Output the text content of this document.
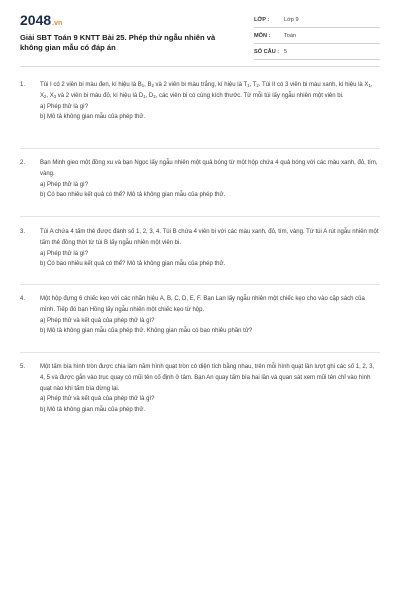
2048.vn
Giải SBT Toán 9 KNTT Bài 25. Phép thử ngẫu nhiên và không gian mẫu có đáp án
LỚP :	Lớp 9
MÔN :	Toán
SỐ CÂU : 5
1.	Túi I có 2 viên bi màu đen, kí hiệu là $B_1$, $B_2$ và 2 viên bi màu trắng, kí hiệu là $T_1$, $T_2$. Túi II có 3 viên bi màu xanh, kí hiệu là $X_1$, $X_2$, $X_3$ và 2 viên bi màu đỏ, kí hiệu là $D_1$, $D_2$, các viên bi có cùng kích thước. Từ mỗi túi lấy ngẫu nhiên một viên bi.
a) Phép thử là gì?
b) Mô tả không gian mẫu của phép thử.
2.	Bạn Minh gieo một đồng xu và bạn Ngọc lấy ngẫu nhiên một quả bóng từ một hộp chứa 4 quả bóng với các màu xanh, đỏ, tím, vàng.
a) Phép thử là gì?
b) Có bao nhiêu kết quả có thể? Mô tả không gian mẫu của phép thử.
3.	Túi A chứa 4 tấm thẻ được đánh số 1, 2, 3, 4. Túi B chứa 4 viên bi với các màu xanh, đỏ, tím, vàng. Từ túi A rút ngẫu nhiên một tấm thẻ đồng thời từ túi B lấy ngẫu nhiên một viên bi.
a) Phép thử là gì?
b) Có bao nhiêu kết quả có thể? Mô tả không gian mẫu của phép thử.
4.	Một hộp đựng 6 chiếc kẹo với các nhãn hiệu A, B, C, D, E, F. Bạn Lan lấy ngẫu nhiên một chiếc kẹo cho vào cặp sách của mình. Tiếp đó bạn Hồng lấy ngẫu nhiên một chiếc kẹo từ hộp.
a) Phép thử và kết quả của phép thử là gì?
b) Mô tả không gian mẫu của phép thử. Không gian mẫu có bao nhiêu phần tử?
5.	Một tấm bìa hình tròn được chia làm năm hình quạt tròn có diện tích bằng nhau, trên mỗi hình quạt lần lượt ghi các số 1, 2, 3, 4, 5 và được gắn vào trục quay có mũi tên cố định ở tâm. Bạn An quay tấm bìa hai lần và quan sát xem mũi tên chỉ vào hình quạt nào khi tấm bìa dừng lại.
a) Phép thử và kết quả của phép thử là gì?
b) Mô tả không gian mẫu của phép thử.
